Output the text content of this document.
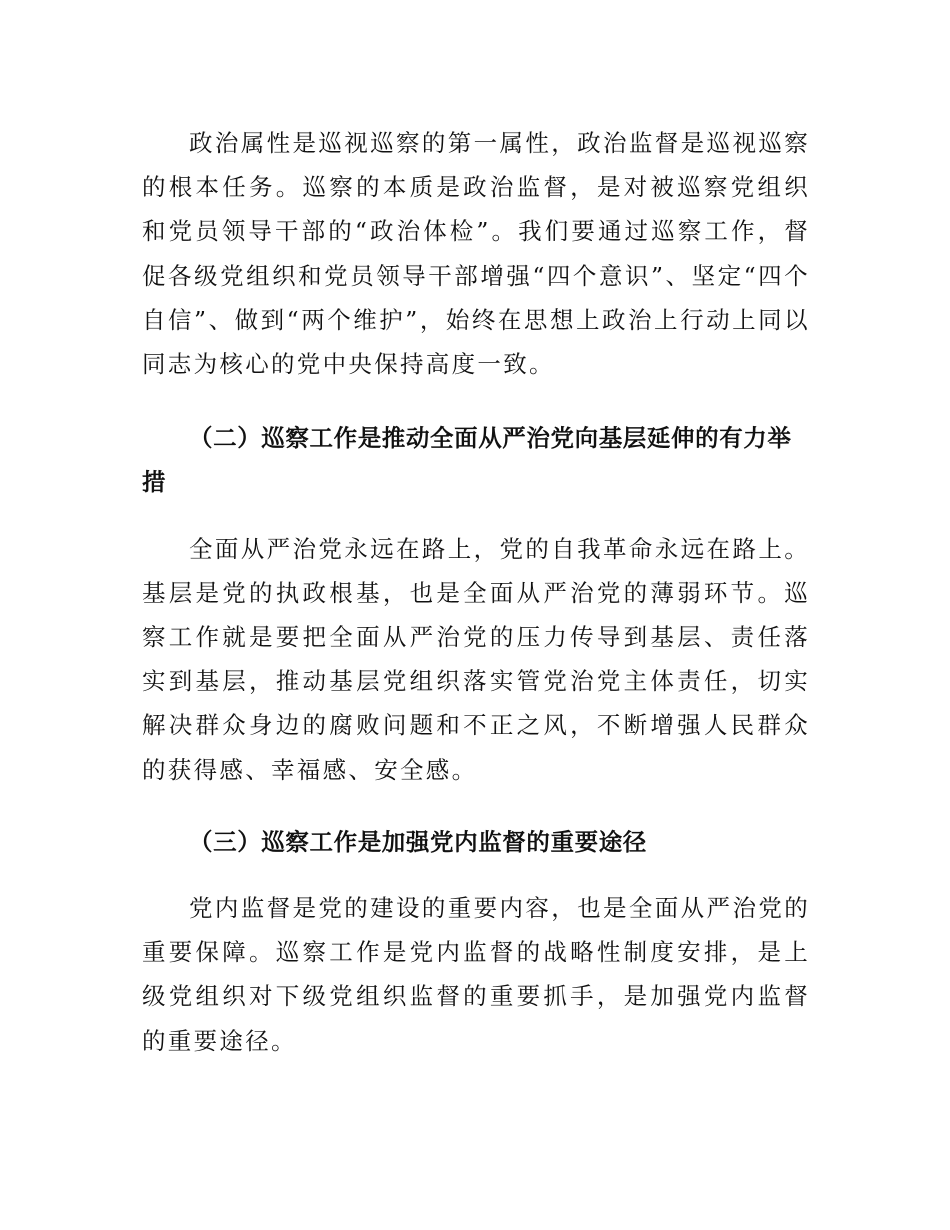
政治属性是巡视巡察的第一属性，政治监督是巡视巡察的根本任务。巡察的本质是政治监督，是对被巡察党组织和党员领导干部的“政治体检”。我们要通过巡察工作，督促各级党组织和党员领导干部增强“四个意识”、坚定“四个自信”、做到“两个维护”，始终在思想上政治上行动上同以同志为核心的党中央保持高度一致。

（二）巡察工作是推动全面从严治党向基层延伸的有力举措

全面从严治党永远在路上，党的自我革命永远在路上。基层是党的执政根基，也是全面从严治党的薄弱环节。巡察工作就是要把全面从严治党的压力传导到基层、责任落实到基层，推动基层党组织落实管党治党主体责任，切实解决群众身边的腐败问题和不正之风，不断增强人民群众的获得感、幸福感、安全感。

（三）巡察工作是加强党内监督的重要途径

党内监督是党的建设的重要内容，也是全面从严治党的重要保障。巡察工作是党内监督的战略性制度安排，是上级党组织对下级党组织监督的重要抓手，是加强党内监督的重要途径。
